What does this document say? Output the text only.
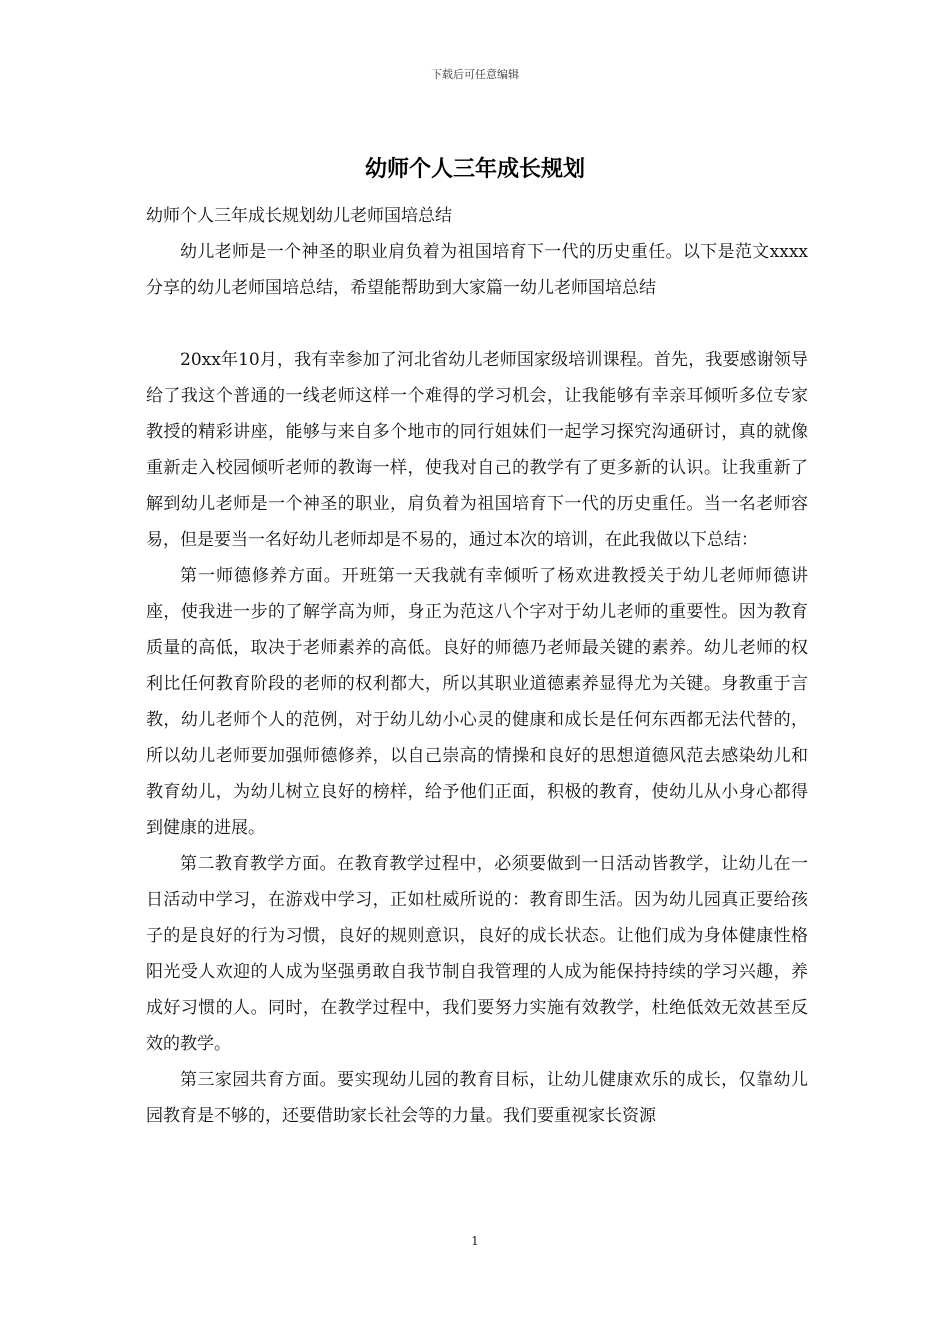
下载后可任意编辑
幼师个人三年成长规划

幼师个人三年成长规划幼儿老师国培总结

幼儿老师是一个神圣的职业肩负着为祖国培育下一代的历史重任。以下是范文xxxx分享的幼儿老师国培总结，希望能帮助到大家篇一幼儿老师国培总结

20xx年10月，我有幸参加了河北省幼儿老师国家级培训课程。首先，我要感谢领导给了我这个普通的一线老师这样一个难得的学习机会，让我能够有幸亲耳倾听多位专家教授的精彩讲座，能够与来自多个地市的同行姐妹们一起学习探究沟通研讨，真的就像重新走入校园倾听老师的教诲一样，使我对自己的教学有了更多新的认识。让我重新了解到幼儿老师是一个神圣的职业，肩负着为祖国培育下一代的历史重任。当一名老师容易，但是要当一名好幼儿老师却是不易的，通过本次的培训，在此我做以下总结：

第一师德修养方面。开班第一天我就有幸倾听了杨欢进教授关于幼儿老师师德讲座，使我进一步的了解学高为师，身正为范这八个字对于幼儿老师的重要性。因为教育质量的高低，取决于老师素养的高低。良好的师德乃老师最关键的素养。幼儿老师的权利比任何教育阶段的老师的权利都大，所以其职业道德素养显得尤为关键。身教重于言教，幼儿老师个人的范例，对于幼儿幼小心灵的健康和成长是任何东西都无法代替的，所以幼儿老师要加强师德修养，以自己崇高的情操和良好的思想道德风范去感染幼儿和教育幼儿，为幼儿树立良好的榜样，给予他们正面，积极的教育，使幼儿从小身心都得到健康的进展。

第二教育教学方面。在教育教学过程中，必须要做到一日活动皆教学，让幼儿在一日活动中学习，在游戏中学习，正如杜威所说的：教育即生活。因为幼儿园真正要给孩子的是良好的行为习惯，良好的规则意识，良好的成长状态。让他们成为身体健康性格阳光受人欢迎的人成为坚强勇敢自我节制自我管理的人成为能保持持续的学习兴趣，养成好习惯的人。同时，在教学过程中，我们要努力实施有效教学，杜绝低效无效甚至反效的教学。

第三家园共育方面。要实现幼儿园的教育目标，让幼儿健康欢乐的成长，仅靠幼儿园教育是不够的，还要借助家长社会等的力量。我们要重视家长资源

1
